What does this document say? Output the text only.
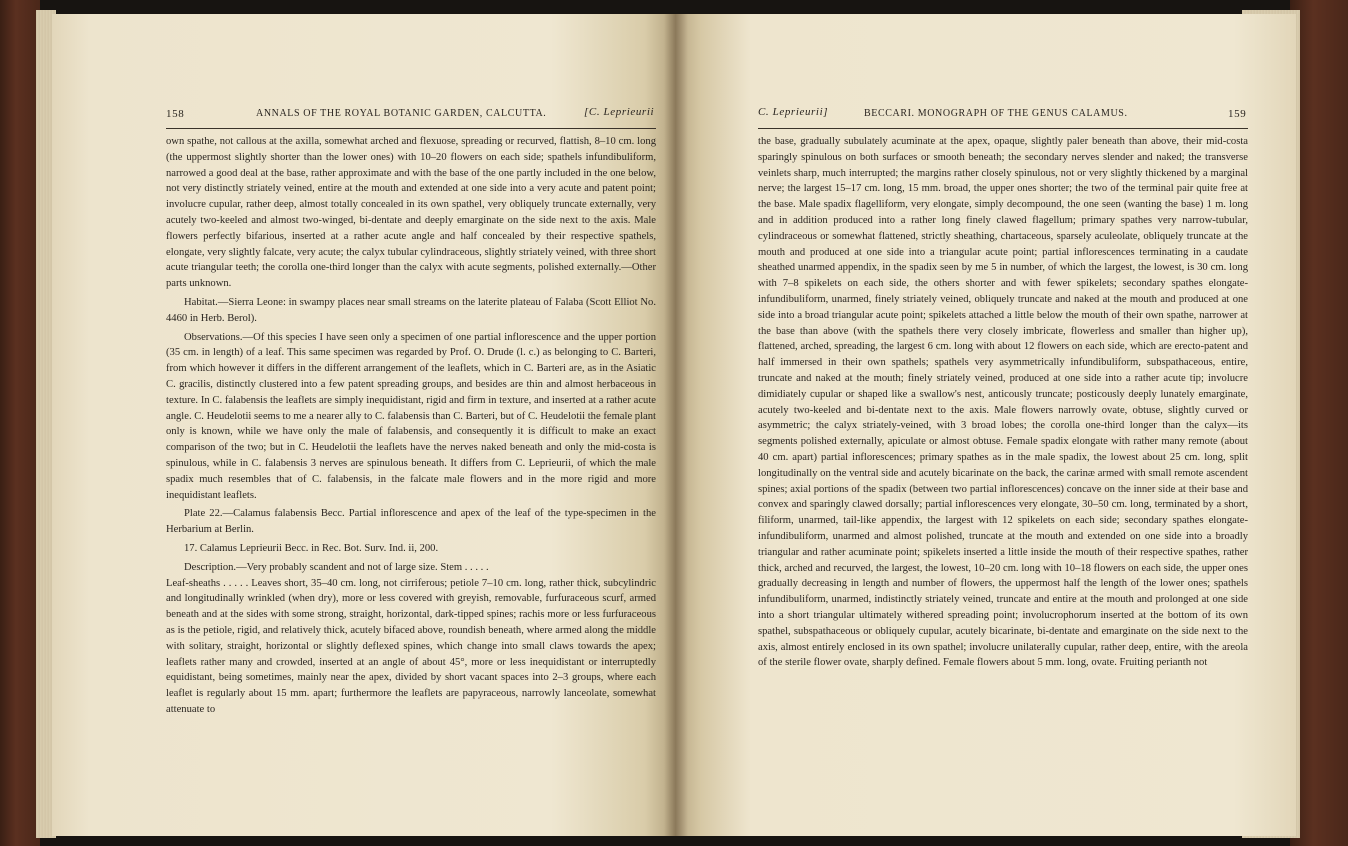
158	ANNALS OF THE ROYAL BOTANIC GARDEN, CALCUTTA.	[C. Leprieurii

own spathe, not callous at the axilla, somewhat arched and flexuose, spreading or recurved, flattish, 8–10 cm. long (the uppermost slightly shorter than the lower ones) with 10–20 flowers on each side; spathels infundibuliform, narrowed a good deal at the base, rather approximate and with the base of the one partly included in the one below, not very distinctly striately veined, entire at the mouth and extended at one side into a very acute and patent point; involucre cupular, rather deep, almost totally concealed in its own spathel, very obliquely truncate externally, very acutely two-keeled and almost two-winged, bi-dentate and deeply emarginate on the side next to the axis. Male flowers perfectly bifarious, inserted at a rather acute angle and half concealed by their respective spathels, elongate, very slightly falcate, very acute; the calyx tubular cylindraceous, slightly striately veined, with three short acute triangular teeth; the corolla one-third longer than the calyx with acute segments, polished externally.—Other parts unknown.

Habitat.—Sierra Leone: in swampy places near small streams on the laterite plateau of Falaba (Scott Elliot No. 4460 in Herb. Berol).

Observations.—Of this species I have seen only a specimen of one partial inflorescence and the upper portion (35 cm. in length) of a leaf. This same specimen was regarded by Prof. O. Drude (l. c.) as belonging to C. Barteri, from which however it differs in the different arrangement of the leaflets, which in C. Barteri are, as in the Asiatic C. gracilis, distinctly clustered into a few patent spreading groups, and besides are thin and almost herbaceous in texture. In C. falabensis the leaflets are simply inequidistant, rigid and firm in texture, and inserted at a rather acute angle. C. Heudelotii seems to me a nearer ally to C. falabensis than C. Barteri, but of C. Heudelotii the female plant only is known, while we have only the male of falabensis, and consequently it is difficult to make an exact comparison of the two; but in C. Heudelotii the leaflets have the nerves naked beneath and only the mid-costa is spinulous, while in C. falabensis 3 nerves are spinulous beneath. It differs from C. Leprieurii, of which the male spadix much resembles that of C. falabensis, in the falcate male flowers and in the more rigid and more inequidistant leaflets.

Plate 22.—Calamus falabensis Becc. Partial inflorescence and apex of the leaf of the type-specimen in the Herbarium at Berlin.

17. Calamus Leprieurii Becc. in Rec. Bot. Surv. Ind. ii, 200.

Description.—Very probably scandent and not of large size. Stem . . . . .

Leaf-sheaths . . . . . Leaves short, 35–40 cm. long, not cirriferous; petiole 7–10 cm. long, rather thick, subcylindric and longitudinally wrinkled (when dry), more or less covered with greyish, removable, furfuraceous scurf, armed beneath and at the sides with some strong, straight, horizontal, dark-tipped spines; rachis more or less furfuraceous as is the petiole, rigid, and relatively thick, acutely bifaced above, roundish beneath, where armed along the middle with solitary, straight, horizontal or slightly deflexed spines, which change into small claws towards the apex; leaflets rather many and crowded, inserted at an angle of about 45°, more or less inequidistant or interruptedly equidistant, being sometimes, mainly near the apex, divided by short vacant spaces into 2–3 groups, where each leaflet is regularly about 15 mm. apart; furthermore the leaflets are papyraceous, narrowly lanceolate, somewhat attenuate to

C. Leprieurii]	BECCARI. MONOGRAPH OF THE GENUS CALAMUS.	159

the base, gradually subulately acuminate at the apex, opaque, slightly paler beneath than above, their mid-costa sparingly spinulous on both surfaces or smooth beneath; the secondary nerves slender and naked; the transverse veinlets sharp, much interrupted; the margins rather closely spinulous, not or very slightly thickened by a marginal nerve; the largest 15–17 cm. long, 15 mm. broad, the upper ones shorter; the two of the terminal pair quite free at the base. Male spadix flagelliform, very elongate, simply decompound, the one seen (wanting the base) 1 m. long and in addition produced into a rather long finely clawed flagellum; primary spathes very narrow-tubular, cylindraceous or somewhat flattened, strictly sheathing, chartaceous, sparsely aculeolate, obliquely truncate at the mouth and produced at one side into a triangular acute point; partial inflorescences terminating in a caudate sheathed unarmed appendix, in the spadix seen by me 5 in number, of which the largest, the lowest, is 30 cm. long with 7–8 spikelets on each side, the others shorter and with fewer spikelets; secondary spathes elongate-infundibuliform, unarmed, finely striately veined, obliquely truncate and naked at the mouth and produced at one side into a broad triangular acute point; spikelets attached a little below the mouth of their own spathe, narrower at the base than above (with the spathels there very closely imbricate, flowerless and smaller than higher up), flattened, arched, spreading, the largest 6 cm. long with about 12 flowers on each side, which are erecto-patent and half immersed in their own spathels; spathels very asymmetrically infundibuliform, subspathaceous, entire, truncate and naked at the mouth; finely striately veined, produced at one side into a rather acute tip; involucre dimidiately cupular or shaped like a swallow's nest, anticously truncate; posticously deeply lunately emarginate, acutely two-keeled and bi-dentate next to the axis. Male flowers narrowly ovate, obtuse, slightly curved or asymmetric; the calyx striately-veined, with 3 broad lobes; the corolla one-third longer than the calyx—its segments polished externally, apiculate or almost obtuse. Female spadix elongate with rather many remote (about 40 cm. apart) partial inflorescences; primary spathes as in the male spadix, the lowest about 25 cm. long, split longitudinally on the ventral side and acutely bicarinate on the back, the carinæ armed with small remote ascendent spines; axial portions of the spadix (between two partial inflorescences) concave on the inner side at their base and convex and sparingly clawed dorsally; partial inflorescences very elongate, 30–50 cm. long, terminated by a short, filiform, unarmed, tail-like appendix, the largest with 12 spikelets on each side; secondary spathes elongate-infundibuliform, unarmed and almost polished, truncate at the mouth and extended on one side into a broadly triangular and rather acuminate point; spikelets inserted a little inside the mouth of their respective spathes, rather thick, arched and recurved, the largest, the lowest, 10–20 cm. long with 10–18 flowers on each side, the upper ones gradually decreasing in length and number of flowers, the uppermost half the length of the lower ones; spathels infundibuliform, unarmed, indistinctly striately veined, truncate and entire at the mouth and prolonged at one side into a short triangular ultimately withered spreading point; involucrophorum inserted at the bottom of its own spathel, subspathaceous or obliquely cupular, acutely bicarinate, bi-dentate and emarginate on the side next to the axis, almost entirely enclosed in its own spathel; involucre unilaterally cupular, rather deep, entire, with the areola of the sterile flower ovate, sharply defined. Female flowers about 5 mm. long, ovate. Fruiting perianth not
